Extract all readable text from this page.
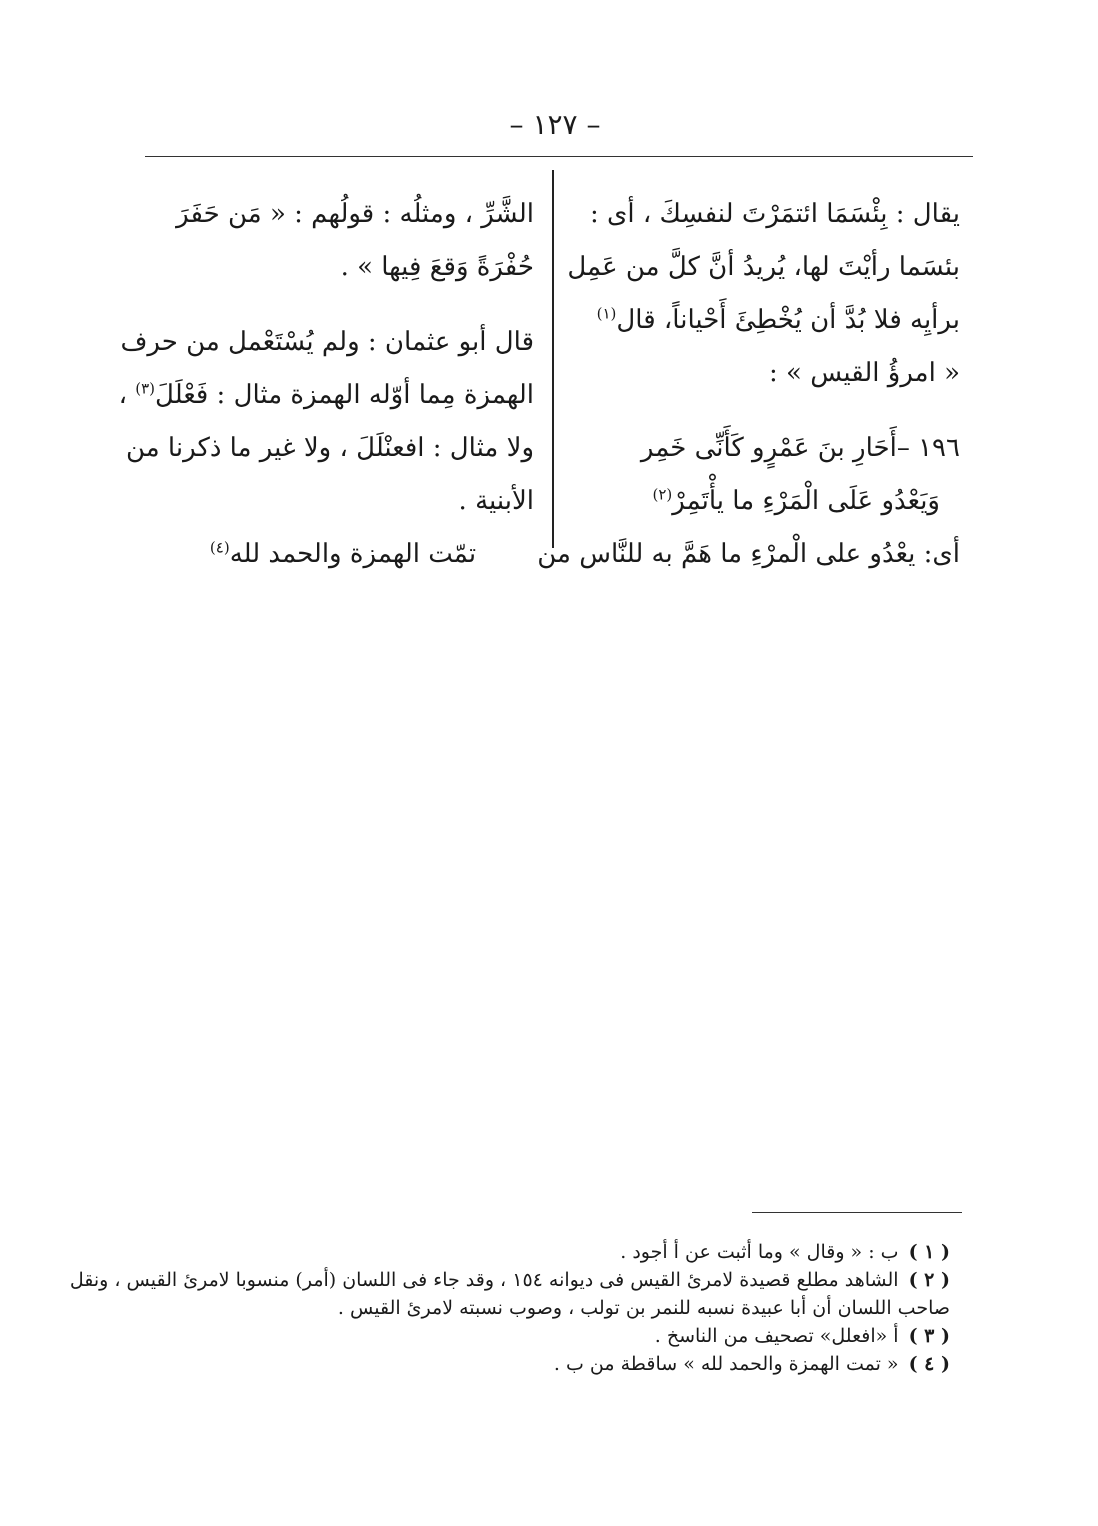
– ١٢٧ –
يقال : بِئْسَمَا ائتمَرْتَ لنفسِكَ ، أى :
بئسَما رأيْتَ لها، يُريدُ أنَّ كلَّ من عَمِل
برأيِه فلا بُدَّ أن يُخْطِئَ أَحْياناً، قال$^{(١)}$
« امرؤُ القيس » :
١٩٦ –أَحَارِ بنَ عَمْرٍو كَأَنِّى خَمِر
وَيَعْدُو عَلَى الْمَرْءِ ما يأْتَمِرْ$^{(٢)}$
أى: يعْدُو على الْمرْءِ ما هَمَّ به للنَّاس من
الشَّرِّ ، ومثلُه : قولُهم : « مَن حَفَرَ
حُفْرَةً وَقعَ فِيها » .
قال أبو عثمان : ولم يُسْتَعْمل من حرف
الهمزة مِما أوّله الهمزة مثال : فَعْلَلَ$^{(٣)}$ ،
ولا مثال : افعنْلَلَ ، ولا غير ما ذكرنا من
الأبنية .
تمّت الهمزة والحمد لله$^{(٤)}$
( ١ )ب : « وقال » وما أثبت عن أ أجود .
( ٢ )الشاهد مطلع قصيدة لامرئ القيس فى ديوانه ١٥٤ ، وقد جاء فى اللسان (أمر) منسوبا لامرئ القيس ، ونقل
صاحب اللسان أن أبا عبيدة نسبه للنمر بن تولب ، وصوب نسبته لامرئ القيس .
( ٣ )أ «افعلل» تصحيف من الناسخ .
( ٤ )« تمت الهمزة والحمد لله » ساقطة من ب .
